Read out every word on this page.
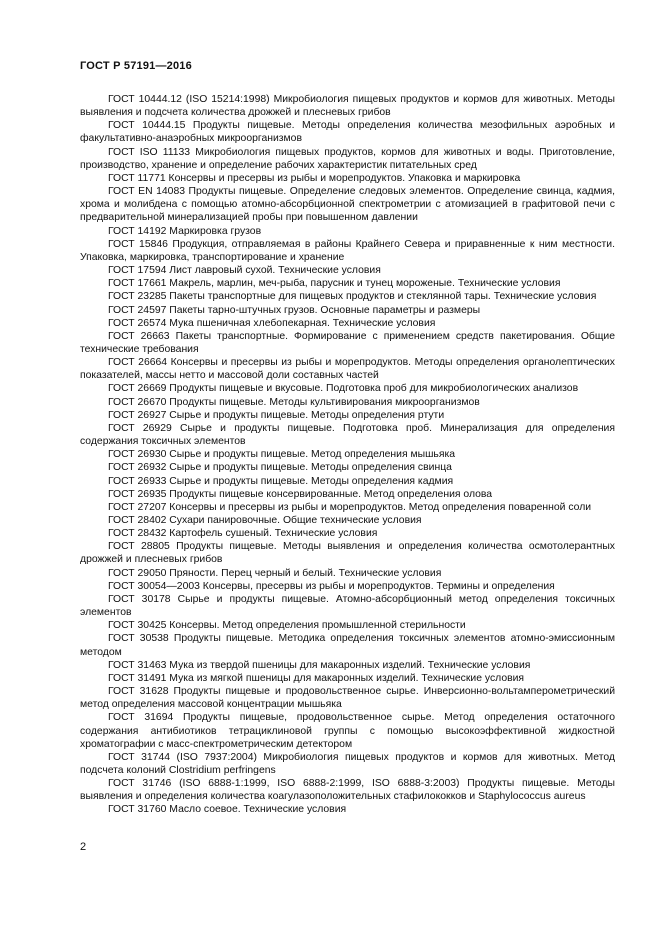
ГОСТ Р 57191—2016

ГОСТ 10444.12 (ISO 15214:1998) Микробиология пищевых продуктов и кормов для животных. Методы выявления и подсчета количества дрожжей и плесневых грибов

ГОСТ 10444.15 Продукты пищевые. Методы определения количества мезофильных аэробных и факультативно-анаэробных микроорганизмов

ГОСТ ISO 11133 Микробиология пищевых продуктов, кормов для животных и воды. Приготовление, производство, хранение и определение рабочих характеристик питательных сред

ГОСТ 11771 Консервы и пресервы из рыбы и морепродуктов. Упаковка и маркировка

ГОСТ EN 14083 Продукты пищевые. Определение следовых элементов. Определение свинца, кадмия, хрома и молибдена с помощью атомно-абсорбционной спектрометрии с атомизацией в графитовой печи с предварительной минерализацией пробы при повышенном давлении

ГОСТ 14192 Маркировка грузов

ГОСТ 15846 Продукция, отправляемая в районы Крайнего Севера и приравненные к ним местности. Упаковка, маркировка, транспортирование и хранение

ГОСТ 17594 Лист лавровый сухой. Технические условия

ГОСТ 17661 Макрель, марлин, меч-рыба, парусник и тунец мороженые. Технические условия

ГОСТ 23285 Пакеты транспортные для пищевых продуктов и стеклянной тары. Технические условия

ГОСТ 24597 Пакеты тарно-штучных грузов. Основные параметры и размеры

ГОСТ 26574 Мука пшеничная хлебопекарная. Технические условия

ГОСТ 26663 Пакеты транспортные. Формирование с применением средств пакетирования. Общие технические требования

ГОСТ 26664 Консервы и пресервы из рыбы и морепродуктов. Методы определения органолептических показателей, массы нетто и массовой доли составных частей

ГОСТ 26669 Продукты пищевые и вкусовые. Подготовка проб для микробиологических анализов

ГОСТ 26670 Продукты пищевые. Методы культивирования микроорганизмов

ГОСТ 26927 Сырье и продукты пищевые. Методы определения ртути

ГОСТ 26929 Сырье и продукты пищевые. Подготовка проб. Минерализация для определения содержания токсичных элементов

ГОСТ 26930 Сырье и продукты пищевые. Метод определения мышьяка

ГОСТ 26932 Сырье и продукты пищевые. Методы определения свинца

ГОСТ 26933 Сырье и продукты пищевые. Методы определения кадмия

ГОСТ 26935 Продукты пищевые консервированные. Метод определения олова

ГОСТ 27207 Консервы и пресервы из рыбы и морепродуктов. Метод определения поваренной соли

ГОСТ 28402 Сухари панировочные. Общие технические условия

ГОСТ 28432 Картофель сушеный. Технические условия

ГОСТ 28805 Продукты пищевые. Методы выявления и определения количества осмотолерантных дрожжей и плесневых грибов

ГОСТ 29050 Пряности. Перец черный и белый. Технические условия

ГОСТ 30054—2003 Консервы, пресервы из рыбы и морепродуктов. Термины и определения

ГОСТ 30178 Сырье и продукты пищевые. Атомно-абсорбционный метод определения токсичных элементов

ГОСТ 30425 Консервы. Метод определения промышленной стерильности

ГОСТ 30538 Продукты пищевые. Методика определения токсичных элементов атомно-эмиссионным методом

ГОСТ 31463 Мука из твердой пшеницы для макаронных изделий. Технические условия

ГОСТ 31491 Мука из мягкой пшеницы для макаронных изделий. Технические условия

ГОСТ 31628 Продукты пищевые и продовольственное сырье. Инверсионно-вольтамперометрический метод определения массовой концентрации мышьяка

ГОСТ 31694 Продукты пищевые, продовольственное сырье. Метод определения остаточного содержания антибиотиков тетрациклиновой группы с помощью высокоэффективной жидкостной хроматографии с масс-спектрометрическим детектором

ГОСТ 31744 (ISO 7937:2004) Микробиология пищевых продуктов и кормов для животных. Метод подсчета колоний Clostridium perfringens

ГОСТ 31746 (ISO 6888-1:1999, ISO 6888-2:1999, ISO 6888-3:2003) Продукты пищевые. Методы выявления и определения количества коагулазоположительных стафилококков и Staphylococcus aureus

ГОСТ 31760 Масло соевое. Технические условия

2
